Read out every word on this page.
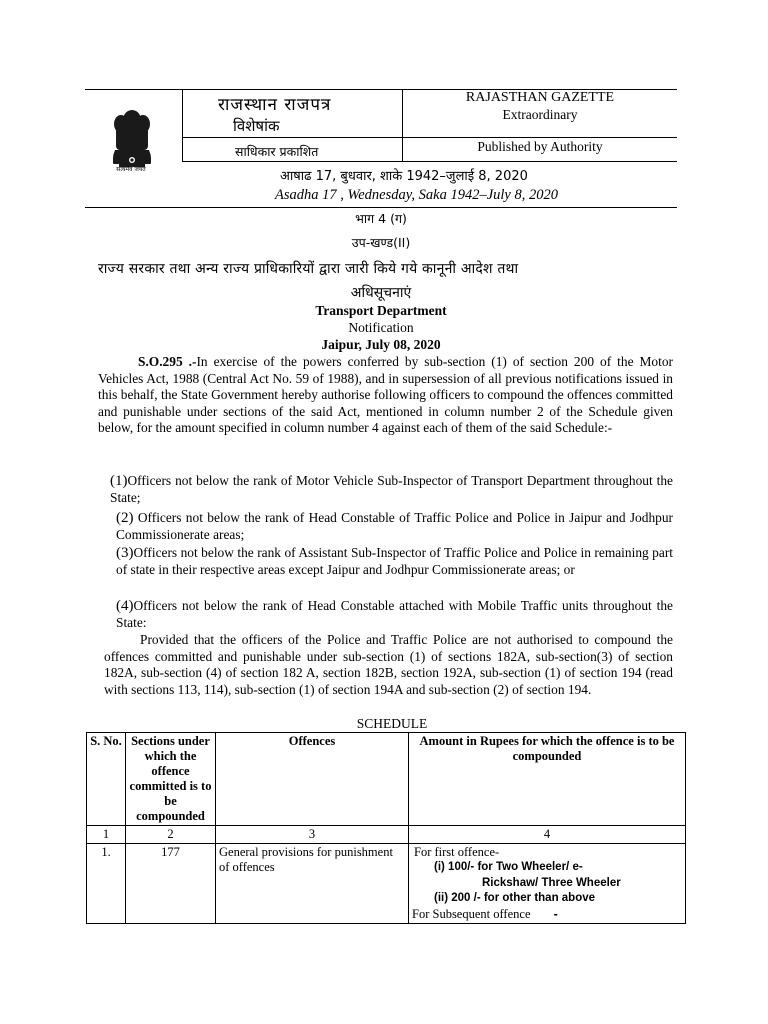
सत्यमेव जयते
राजस्थान राजपत्र
विशेषांक
साधिकार प्रकाशित
RAJASTHAN GAZETTE
Extraordinary
Published by Authority
आषाढ 17, बुधवार, शाके 1942–जुलाई 8, 2020
Asadha 17 , Wednesday, Saka 1942–July 8, 2020
भाग 4 (ग)
उप-खण्ड(II)
राज्य सरकार तथा अन्य राज्य प्राधिकारियों द्वारा जारी किये गये कानूनी आदेश तथा
अधिसूचनाएं
Transport Department
Notification
Jaipur, July 08, 2020
S.O.295 .-In exercise of the powers conferred by sub-section (1) of section 200 of the Motor Vehicles Act, 1988 (Central Act No. 59 of 1988), and in supersession of all previous notifications issued in this behalf, the State Government hereby authorise following officers to compound the offences committed and punishable under sections of the said Act, mentioned in column number 2 of the Schedule given below, for the amount specified in column number 4 against each of them of the said Schedule:-
(1)Officers not below the rank of Motor Vehicle Sub-Inspector of Transport Department throughout the State;
(2) Officers not below the rank of Head Constable of Traffic Police and Police in Jaipur and Jodhpur Commissionerate areas;
(3)Officers not below the rank of Assistant Sub-Inspector of Traffic Police and Police in remaining part of state in their respective areas except Jaipur and Jodhpur Commissionerate areas; or
(4)Officers not below the rank of Head Constable attached with Mobile Traffic units throughout the State:
Provided that the officers of the Police and Traffic Police are not authorised to compound the offences committed and punishable under sub-section (1) of sections 182A, sub-section(3) of section 182A, sub-section (4) of section 182 A, section 182B, section 192A, sub-section (1) of section 194 (read with sections 113, 114), sub-section (1) of section 194A and sub-section (2) of section 194.
SCHEDULE
S. No.	Sections under which the offence committed is to be compounded	Offences	Amount in Rupees for which the offence is to be compounded
1	2	3	4
1.	177	General provisions for punishment of offences	For first offence-
(i) 100/- for Two Wheeler/ e-
Rickshaw/ Three Wheeler
(ii) 200 /- for other than above
For Subsequent offence -
